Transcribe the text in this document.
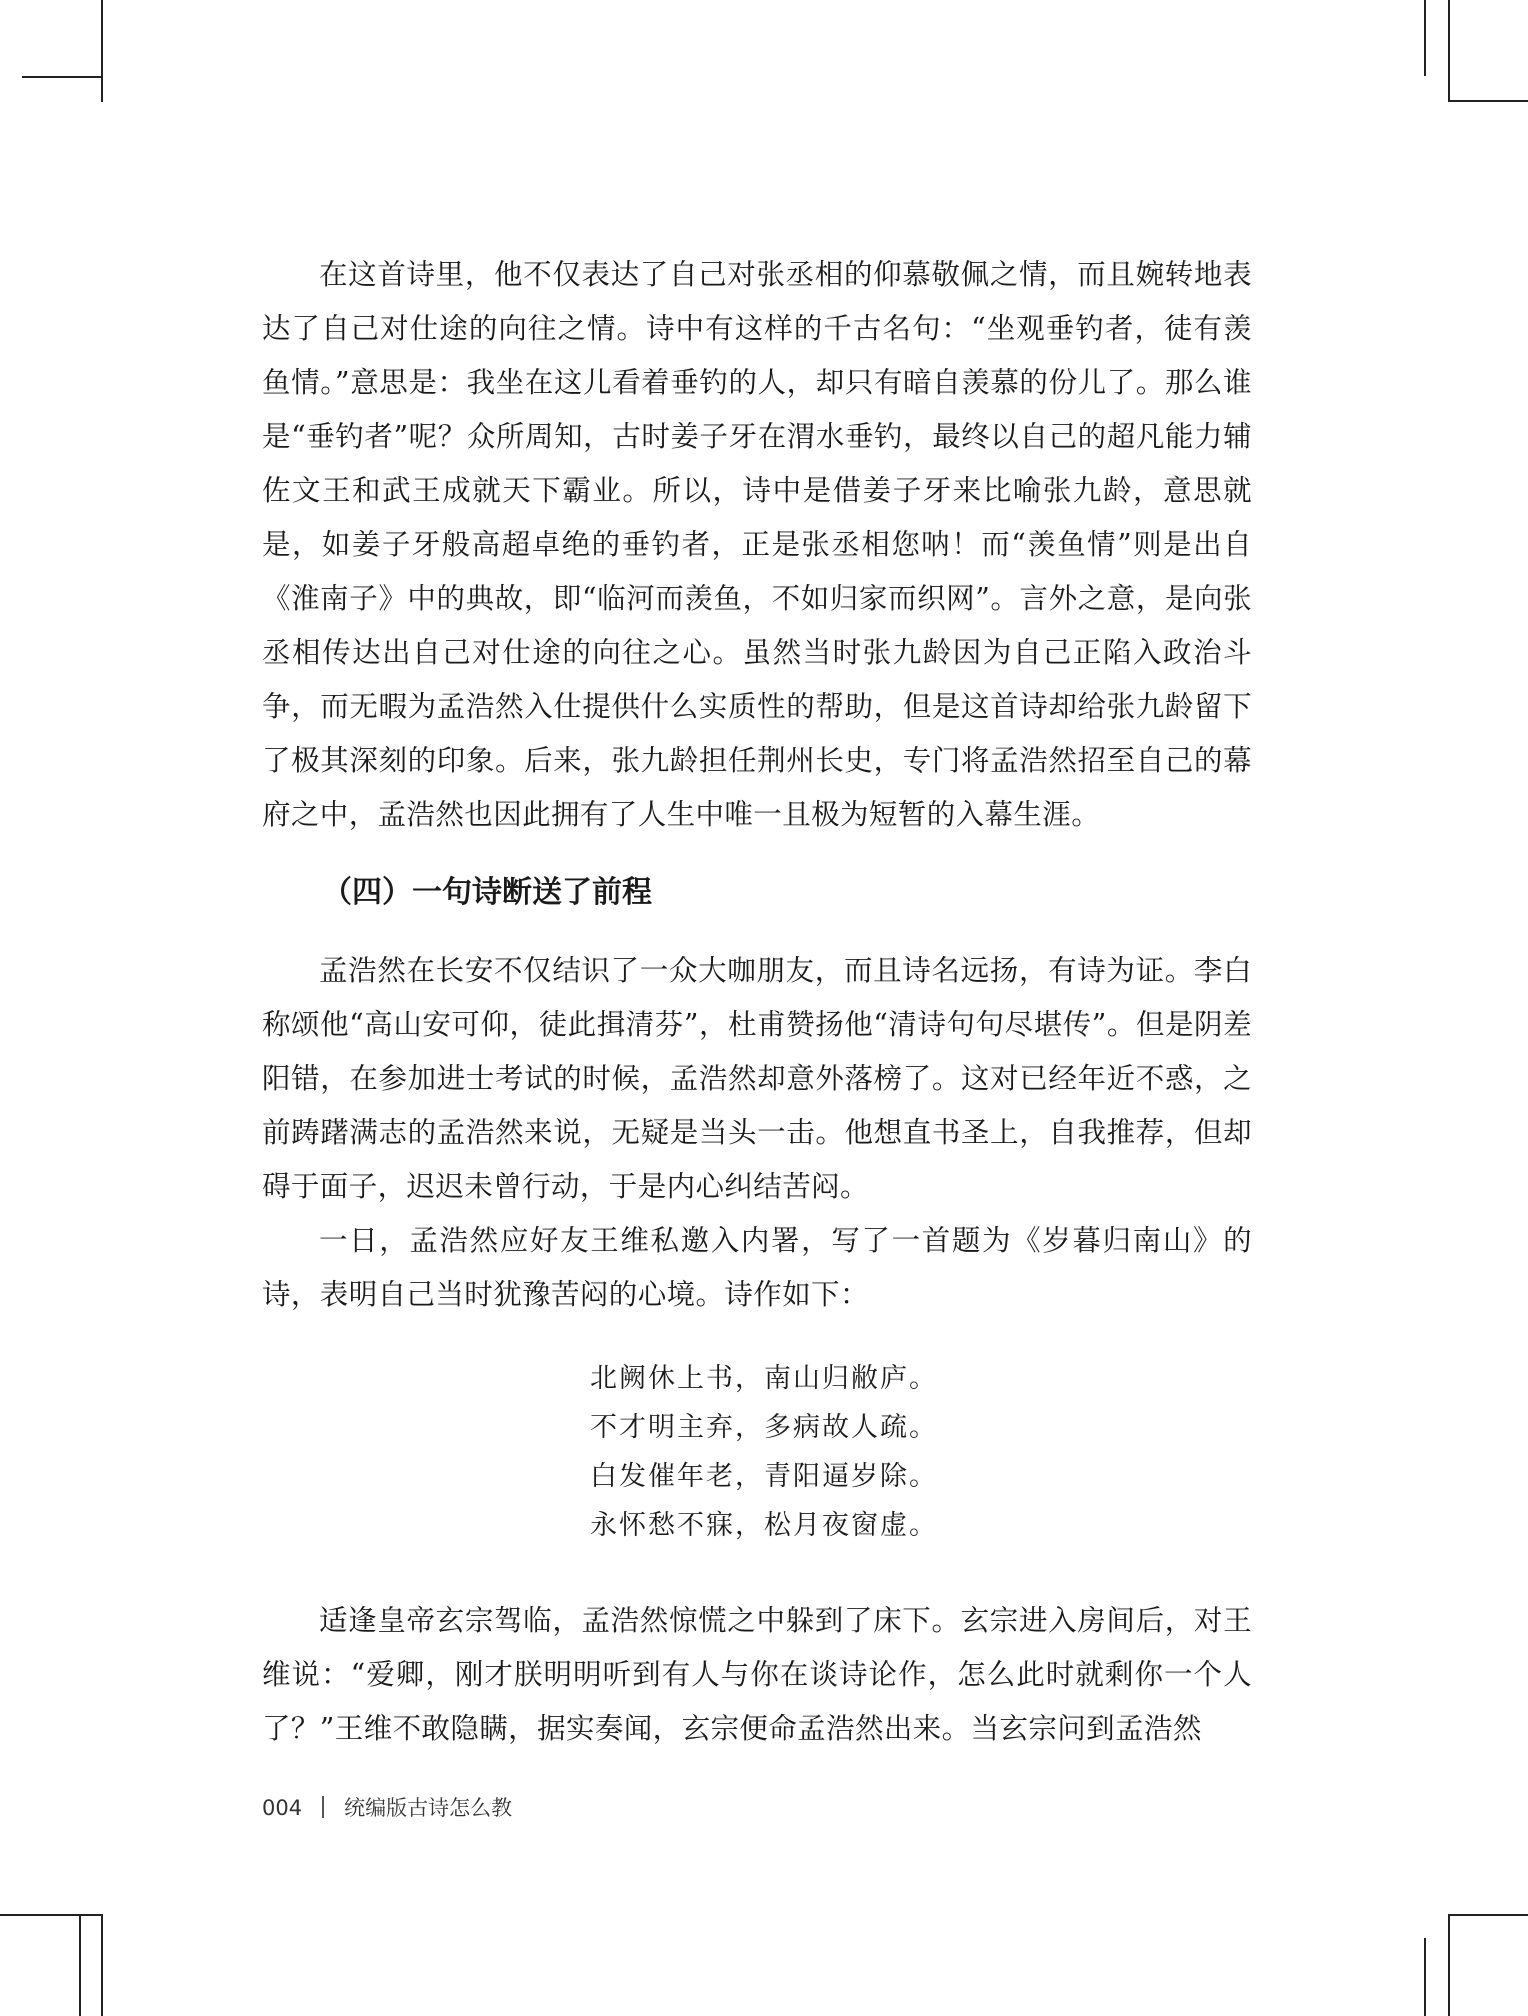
在这首诗里，他不仅表达了自己对张丞相的仰慕敬佩之情，而且婉转地表达了自己对仕途的向往之情。诗中有这样的千古名句：“坐观垂钓者，徒有羡鱼情。”意思是：我坐在这儿看着垂钓的人，却只有暗自羡慕的份儿了。那么谁是“垂钓者”呢？众所周知，古时姜子牙在渭水垂钓，最终以自己的超凡能力辅佐文王和武王成就天下霸业。所以，诗中是借姜子牙来比喻张九龄，意思就是，如姜子牙般高超卓绝的垂钓者，正是张丞相您呐！而“羡鱼情”则是出自《淮南子》中的典故，即“临河而羡鱼，不如归家而织网”。言外之意，是向张丞相传达出自己对仕途的向往之心。虽然当时张九龄因为自己正陷入政治斗争，而无暇为孟浩然入仕提供什么实质性的帮助，但是这首诗却给张九龄留下了极其深刻的印象。后来，张九龄担任荆州长史，专门将孟浩然招至自己的幕府之中，孟浩然也因此拥有了人生中唯一且极为短暂的入幕生涯。

（四）一句诗断送了前程

孟浩然在长安不仅结识了一众大咖朋友，而且诗名远扬，有诗为证。李白称颂他“高山安可仰，徒此揖清芬”，杜甫赞扬他“清诗句句尽堪传”。但是阴差阳错，在参加进士考试的时候，孟浩然却意外落榜了。这对已经年近不惑，之前踌躇满志的孟浩然来说，无疑是当头一击。他想直书圣上，自我推荐，但却碍于面子，迟迟未曾行动，于是内心纠结苦闷。

一日，孟浩然应好友王维私邀入内署，写了一首题为《岁暮归南山》的诗，表明自己当时犹豫苦闷的心境。诗作如下：

北阙休上书，南山归敝庐。
不才明主弃，多病故人疏。
白发催年老，青阳逼岁除。
永怀愁不寐，松月夜窗虚。

适逢皇帝玄宗驾临，孟浩然惊慌之中躲到了床下。玄宗进入房间后，对王维说：“爱卿，刚才朕明明听到有人与你在谈诗论作，怎么此时就剩你一个人了？”王维不敢隐瞒，据实奏闻，玄宗便命孟浩然出来。当玄宗问到孟浩然

004 统编版古诗怎么教
